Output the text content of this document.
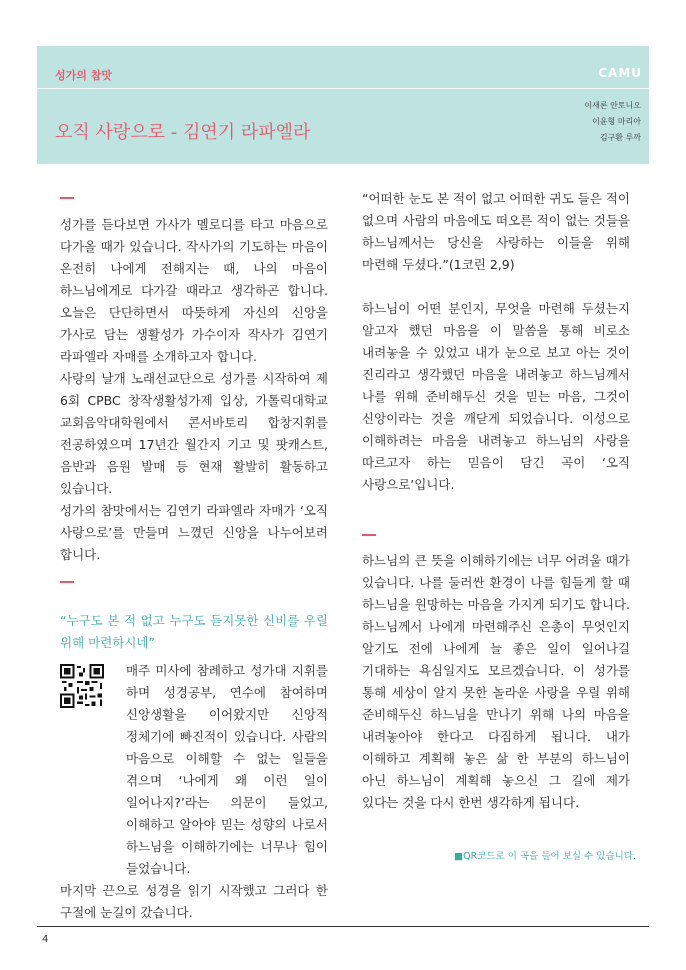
성가의 참맛	CAMU
오직 사랑으로 - 김연기 라파엘라
이새론 안토니오
이윤형 마리아
김구환 루까

성가를 듣다보면 가사가 멜로디를 타고 마음으로 다가올 때가 있습니다. 작사가의 기도하는 마음이 온전히 나에게 전해지는 때, 나의 마음이 하느님에게로 다가갈 때라고 생각하곤 합니다. 오늘은 단단하면서 따뜻하게 자신의 신앙을 가사로 담는 생활성가 가수이자 작사가 김연기 라파엘라 자매를 소개하고자 합니다.

사랑의 날개 노래선교단으로 성가를 시작하여 제 6회 CPBC 창작생활성가제 입상, 가톨릭대학교 교회음악대학원에서 콘서바토리 합창지휘를 전공하였으며 17년간 월간지 기고 및 팟캐스트, 음반과 음원 발매 등 현재 활발히 활동하고 있습니다.

성가의 참맛에서는 김연기 라파엘라 자매가 ‘오직 사랑으로’를 만들며 느꼈던 신앙을 나누어보려 합니다.

“누구도 본 적 없고 누구도 듣지못한 신비를 우릴 위해 마련하시네”

매주 미사에 참례하고 성가대 지휘를 하며 성경공부, 연수에 참여하며 신앙생활을 이어왔지만 신앙적 정체기에 빠진적이 있습니다. 사람의 마음으로 이해할 수 없는 일들을 겪으며 ‘나에게 왜 이런 일이 일어나지?’라는 의문이 들었고, 이해하고 알아야 믿는 성향의 나로서 하느님을 이해하기에는 너무나 힘이 들었습니다.

마지막 끈으로 성경을 읽기 시작했고 그러다 한 구절에 눈길이 갔습니다.

“어떠한 눈도 본 적이 없고 어떠한 귀도 들은 적이 없으며 사람의 마음에도 떠오른 적이 없는 것들을 하느님께서는 당신을 사랑하는 이들을 위해 마련해 두셨다.”(1코린 2,9)

하느님이 어떤 분인지, 무엇을 마련해 두셨는지 알고자 했던 마음을 이 말씀을 통해 비로소 내려놓을 수 있었고 내가 눈으로 보고 아는 것이 진리라고 생각했던 마음을 내려놓고 하느님께서 나를 위해 준비해두신 것을 믿는 마음, 그것이 신앙이라는 것을 깨닫게 되었습니다. 이성으로 이해하려는 마음을 내려놓고 하느님의 사랑을 따르고자 하는 믿음이 담긴 곡이 ‘오직 사랑으로’입니다.

하느님의 큰 뜻을 이해하기에는 너무 어려울 때가 있습니다. 나를 둘러싼 환경이 나를 힘들게 할 때 하느님을 원망하는 마음을 가지게 되기도 합니다. 하느님께서 나에게 마련해주신 은총이 무엇인지 알기도 전에 나에게 늘 좋은 일이 일어나길 기대하는 욕심일지도 모르겠습니다. 이 성가를 통해 세상이 알지 못한 놀라운 사랑을 우릴 위해 준비해두신 하느님을 만나기 위해 나의 마음을 내려놓아야 한다고 다짐하게 됩니다. 내가 이해하고 계획해 놓은 삶 한 부분의 하느님이 아닌 하느님이 계획해 놓으신 그 길에 제가 있다는 것을 다시 한번 생각하게 됩니다.

■QR코드로 이 곡을 들어 보실 수 있습니다.
4
